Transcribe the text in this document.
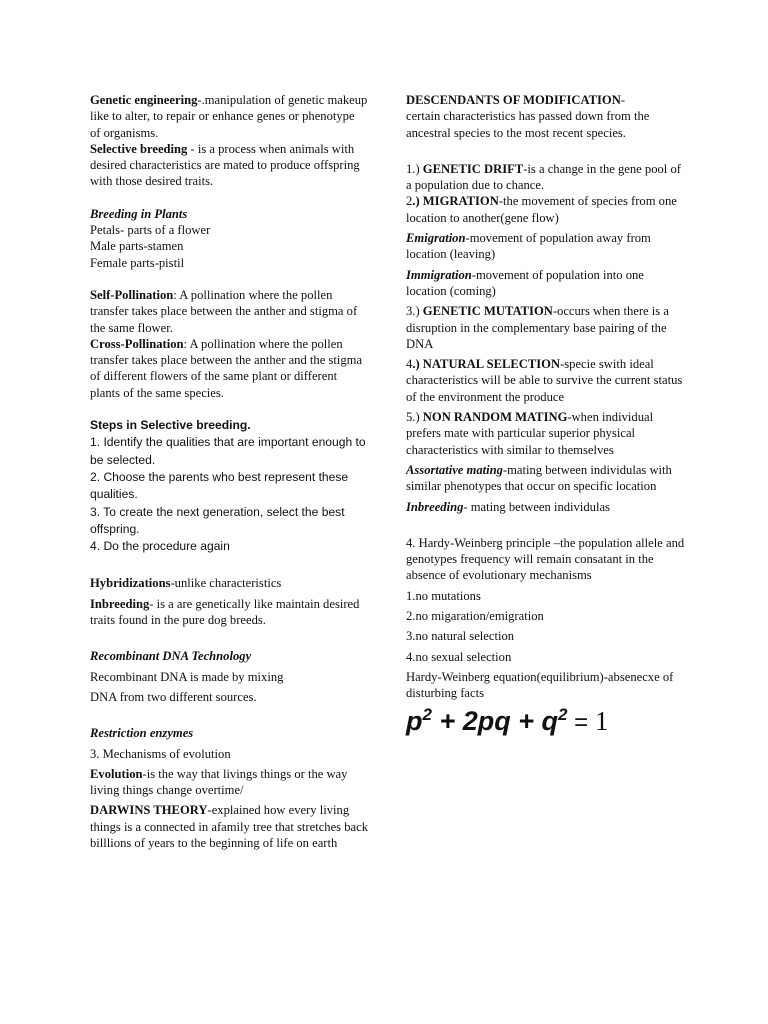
Genetic engineering-.manipulation of genetic makeup like to alter, to repair or enhance genes or phenotype of organisms.

Selective breeding - is a process when animals with desired characteristics are mated to produce offspring with those desired traits.

Breeding in Plants

Petals- parts of a flower

Male parts-stamen

Female parts-pistil

Self-Pollination: A pollination where the pollen transfer takes place between the anther and stigma of the same flower.

Cross-Pollination: A pollination where the pollen transfer takes place between the anther and the stigma of different flowers of the same plant or different plants of the same species.

Steps in Selective breeding.

1. Identify the qualities that are important enough to be selected.

2. Choose the parents who best represent these qualities.

3. To create the next generation, select the best offspring.

4. Do the procedure again

Hybridizations-unlike characteristics

Inbreeding- is a are genetically like maintain desired traits found in the pure dog breeds.

Recombinant DNA Technology

Recombinant DNA is made by mixing

DNA from two different sources.

Restriction enzymes

3. Mechanisms of evolution

Evolution-is the way that livings things or the way living things change overtime/

DARWINS THEORY-explained how every living things is a connected in afamily tree that stretches back billlions of years to the beginning of life on earth

DESCENDANTS OF MODIFICATION-
certain characteristics has passed down from the ancestral species to the most recent species.

1.) GENETIC DRIFT-is a change in the gene pool of a population due to chance.

2.) MIGRATION-the movement of species from one location to another(gene flow)

Emigration-movement of population away from location (leaving)

Immigration-movement of population into one location (coming)

3.) GENETIC MUTATION-occurs when there is a disruption in the complementary base pairing of the DNA

4.) NATURAL SELECTION-specie swith ideal characteristics will be able to survive the current status of the environment the produce

5.) NON RANDOM MATING-when individual prefers mate with particular superior physical characteristics with similar to themselves

Assortative mating-mating between individulas with similar phenotypes that occur on specific location

Inbreeding- mating between individulas

4. Hardy-Weinberg principle –the population allele and genotypes frequency will remain consatant in the absence of evolutionary mechanisms

1.no mutations

2.no migaration/emigration

3.no natural selection

4.no sexual selection

Hardy-Weinberg equation(equilibrium)-absenecxe of disturbing facts

$p^2 + 2pq + q^2 = 1$
